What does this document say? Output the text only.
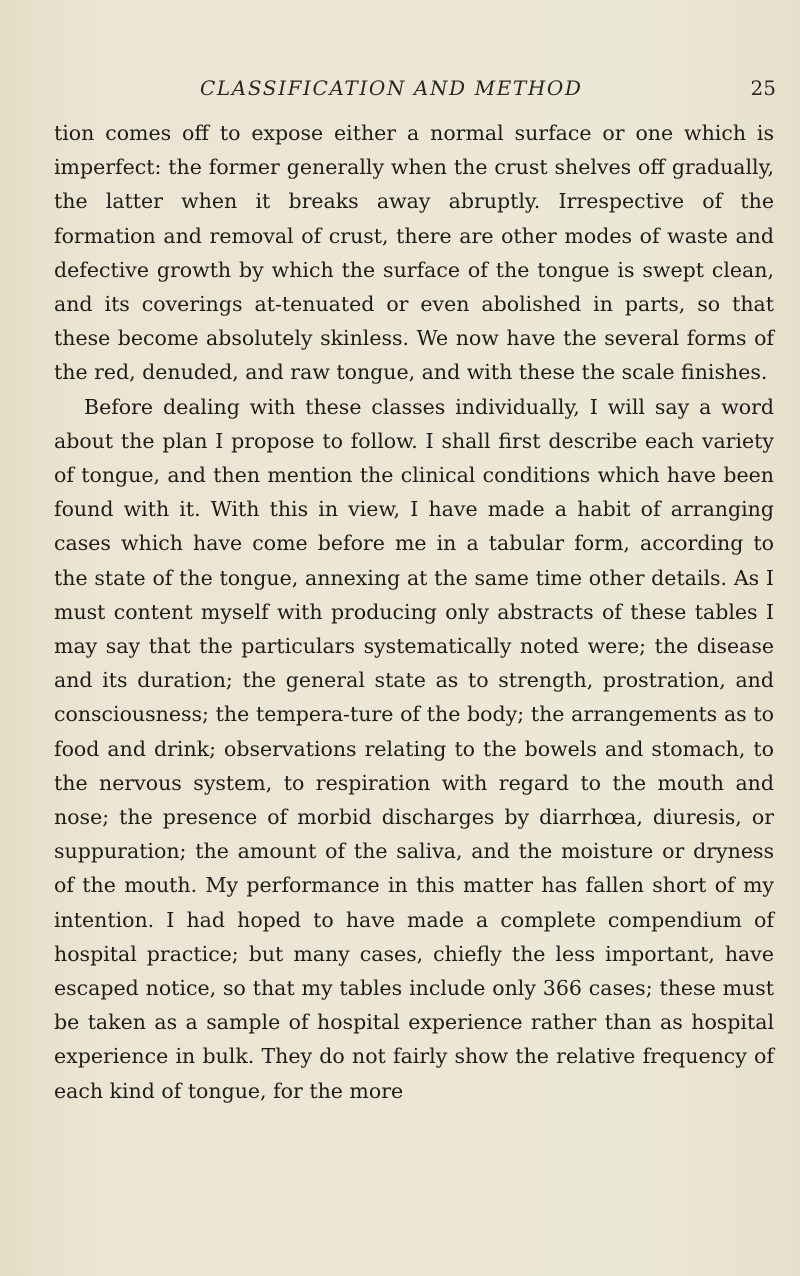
CLASSIFICATION AND METHOD	25

tion comes off to expose either a normal surface or one which is imperfect: the former generally when the crust shelves off gradually, the latter when it breaks away abruptly. Irrespective of the formation and removal of crust, there are other modes of waste and defective growth by which the surface of the tongue is swept clean, and its coverings at-tenuated or even abolished in parts, so that these become absolutely skinless. We now have the several forms of the red, denuded, and raw tongue, and with these the scale finishes.

Before dealing with these classes individually, I will say a word about the plan I propose to follow. I shall first describe each variety of tongue, and then mention the clinical conditions which have been found with it. With this in view, I have made a habit of arranging cases which have come before me in a tabular form, according to the state of the tongue, annexing at the same time other details. As I must content myself with producing only abstracts of these tables I may say that the particulars systematically noted were; the disease and its duration; the general state as to strength, prostration, and consciousness; the tempera-ture of the body; the arrangements as to food and drink; observations relating to the bowels and stomach, to the nervous system, to respiration with regard to the mouth and nose; the presence of morbid discharges by diarrhœa, diuresis, or suppuration; the amount of the saliva, and the moisture or dryness of the mouth. My performance in this matter has fallen short of my intention. I had hoped to have made a complete compendium of hospital practice; but many cases, chiefly the less important, have escaped notice, so that my tables include only 366 cases; these must be taken as a sample of hospital experience rather than as hospital experience in bulk. They do not fairly show the relative frequency of each kind of tongue, for the more
